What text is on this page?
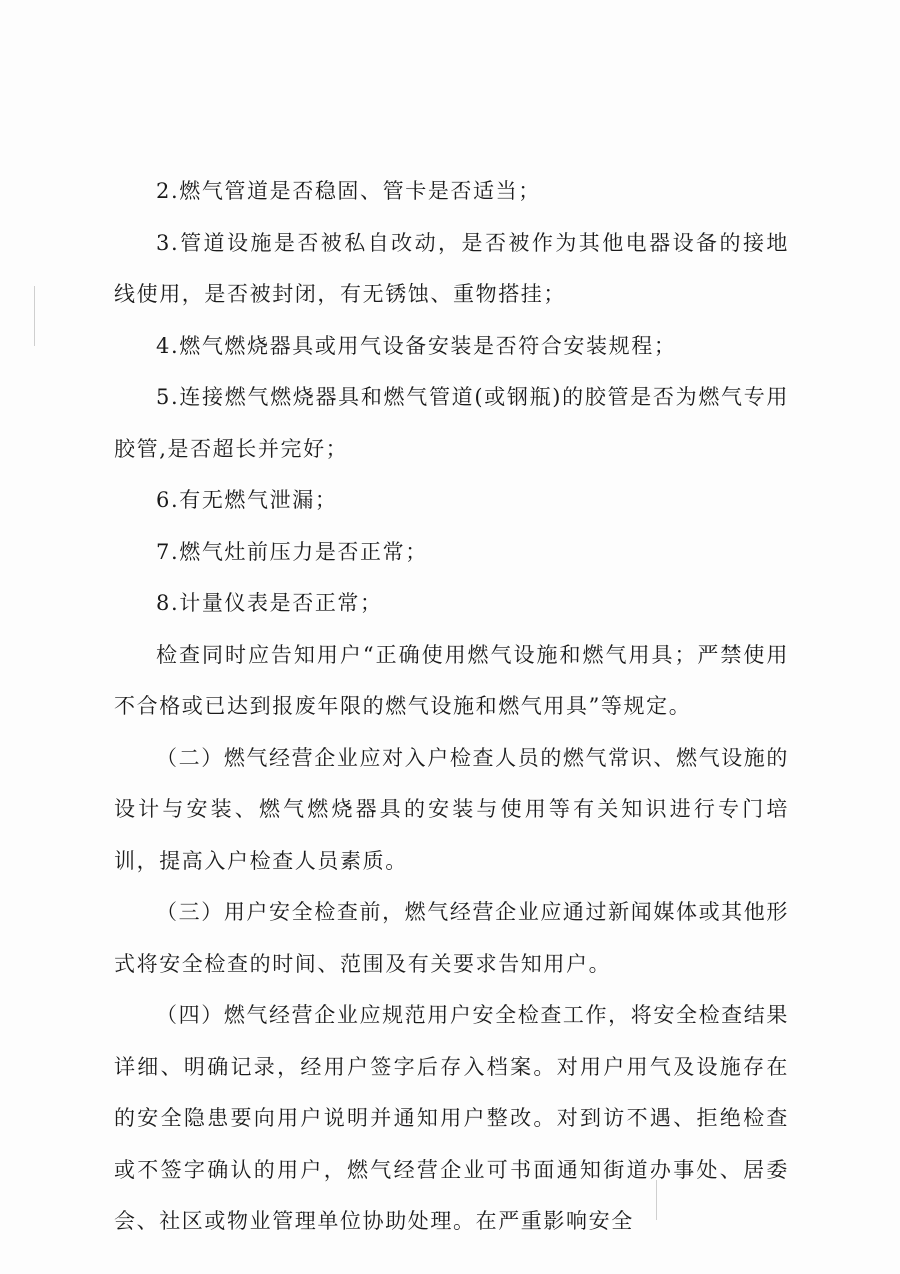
2.燃气管道是否稳固、管卡是否适当；

3.管道设施是否被私自改动，是否被作为其他电器设备的接地线使用，是否被封闭，有无锈蚀、重物搭挂；

4.燃气燃烧器具或用气设备安装是否符合安装规程；

5.连接燃气燃烧器具和燃气管道(或钢瓶)的胶管是否为燃气专用胶管,是否超长并完好；

6.有无燃气泄漏；

7.燃气灶前压力是否正常；

8.计量仪表是否正常；

检查同时应告知用户“正确使用燃气设施和燃气用具；严禁使用不合格或已达到报废年限的燃气设施和燃气用具”等规定。

（二）燃气经营企业应对入户检查人员的燃气常识、燃气设施的设计与安装、燃气燃烧器具的安装与使用等有关知识进行专门培训，提高入户检查人员素质。

（三）用户安全检查前，燃气经营企业应通过新闻媒体或其他形式将安全检查的时间、范围及有关要求告知用户。

（四）燃气经营企业应规范用户安全检查工作，将安全检查结果详细、明确记录，经用户签字后存入档案。对用户用气及设施存在的安全隐患要向用户说明并通知用户整改。对到访不遇、拒绝检查或不签字确认的用户，燃气经营企业可书面通知街道办事处、居委会、社区或物业管理单位协助处理。在严重影响安全
